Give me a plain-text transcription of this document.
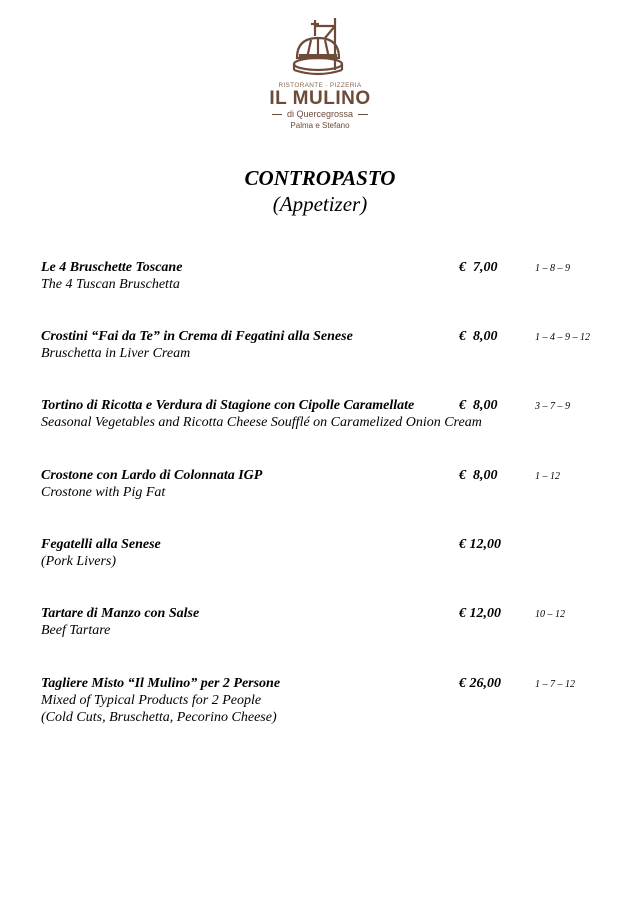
RISTORANTE · PIZZERIA
IL MULINO
di Quercegrossa
Palma e Stefano
CONTROPASTO
(Appetizer)
Le 4 Bruschette Toscane
The 4 Tuscan Bruschetta
€  7,00	1 – 8 – 9
Crostini “Fai da Te” in Crema di Fegatini alla Senese
Bruschetta in Liver Cream
€  8,00	1 – 4 – 9 – 12
Tortino di Ricotta e Verdura di Stagione con Cipolle Caramellate
Seasonal Vegetables and Ricotta Cheese Soufflé on Caramelized Onion Cream
€  8,00	3 – 7 – 9
Crostone con Lardo di Colonnata IGP
Crostone with Pig Fat
€  8,00	1 – 12
Fegatelli alla Senese
(Pork Livers)
€ 12,00
Tartare di Manzo con Salse
Beef Tartare
€ 12,00	10 – 12
Tagliere Misto “Il Mulino” per 2 Persone
Mixed of Typical Products for 2 People
(Cold Cuts, Bruschetta, Pecorino Cheese)
€ 26,00	1 – 7 – 12
